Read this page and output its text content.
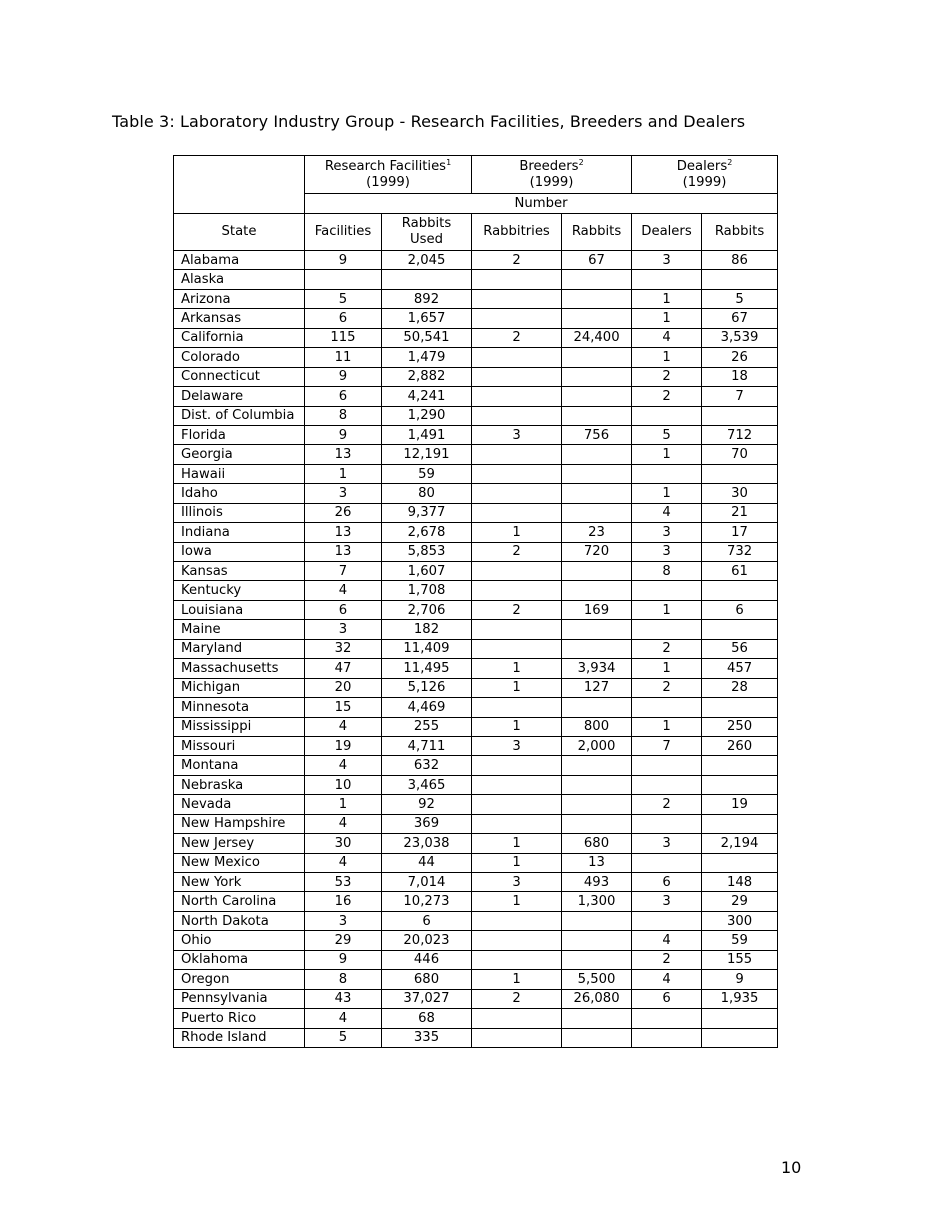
Table 3: Laboratory Industry Group - Research Facilities, Breeders and Dealers
	Research Facilities$^1$
(1999)		Breeders$^2$
(1999)		Dealers$^2$
(1999)	
	Number					
State	Facilities	Rabbits Used	Rabbitries	Rabbits	Dealers	Rabbits
Alabama	9	2,045	2	67	3	86
Alaska						
Arizona	5	892			1	5
Arkansas	6	1,657			1	67
California	115	50,541	2	24,400	4	3,539
Colorado	11	1,479			1	26
Connecticut	9	2,882			2	18
Delaware	6	4,241			2	7
Dist. of Columbia	8	1,290				
Florida	9	1,491	3	756	5	712
Georgia	13	12,191			1	70
Hawaii	1	59				
Idaho	3	80			1	30
Illinois	26	9,377			4	21
Indiana	13	2,678	1	23	3	17
Iowa	13	5,853	2	720	3	732
Kansas	7	1,607			8	61
Kentucky	4	1,708				
Louisiana	6	2,706	2	169	1	6
Maine	3	182				
Maryland	32	11,409			2	56
Massachusetts	47	11,495	1	3,934	1	457
Michigan	20	5,126	1	127	2	28
Minnesota	15	4,469				
Mississippi	4	255	1	800	1	250
Missouri	19	4,711	3	2,000	7	260
Montana	4	632				
Nebraska	10	3,465				
Nevada	1	92			2	19
New Hampshire	4	369				
New Jersey	30	23,038	1	680	3	2,194
New Mexico	4	44	1	13		
New York	53	7,014	3	493	6	148
North Carolina	16	10,273	1	1,300	3	29
North Dakota	3	6				300
Ohio	29	20,023			4	59
Oklahoma	9	446			2	155
Oregon	8	680	1	5,500	4	9
Pennsylvania	43	37,027	2	26,080	6	1,935
Puerto Rico	4	68				
Rhode Island	5	335				
10
